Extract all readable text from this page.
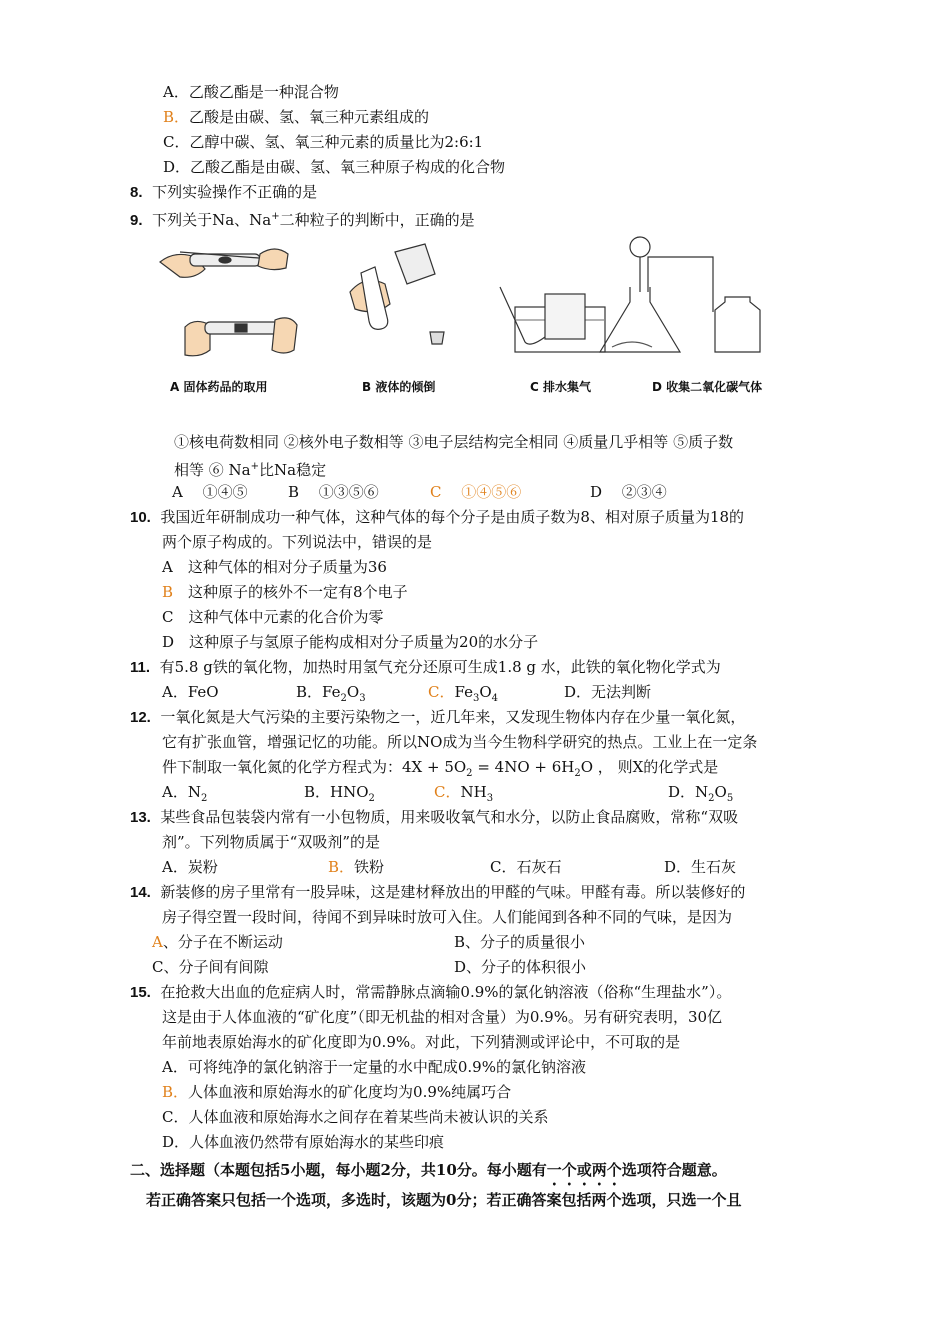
A．乙酸乙酯是一种混合物
B．乙酸是由碳、氢、氧三种元素组成的
C．乙醇中碳、氢、氧三种元素的质量比为2:6:1
D．乙酸乙酯是由碳、氢、氧三种原子构成的化合物
8. 下列实验操作不正确的是
9. 下列关于Na、Na+二种粒子的判断中，正确的是
A 固体药品的取用	B 液体的倾倒	C 排水集气	D 收集二氧化碳气体
①核电荷数相同 ②核外电子数相等 ③电子层结构完全相同 ④质量几乎相等 ⑤质子数
相等 ⑥ Na+比Na稳定
A　 ①④⑤	B　 ①③⑤⑥	C　 ①④⑤⑥	D　 ②③④
10. 我国近年研制成功一种气体，这种气体的每个分子是由质子数为8、相对原子质量为18的
两个原子构成的。下列说法中，错误的是
A　这种气体的相对分子质量为36
B　这种原子的核外不一定有8个电子
C　这种气体中元素的化合价为零
D　这种原子与氢原子能构成相对分子质量为20的水分子
11. 有5.8 g铁的氧化物，加热时用氢气充分还原可生成1.8 g 水，此铁的氧化物化学式为
A．FeO	B．$Fe_2O_3$	C．$Fe_3O_4$	D．无法判断
12. 一氧化氮是大气污染的主要污染物之一，近几年来，又发现生物体内存在少量一氧化氮，
它有扩张血管，增强记忆的功能。所以NO成为当今生物科学研究的热点。工业上在一定条
件下制取一氧化氮的化学方程式为：$4X + 5O_2 = 4NO + 6H_2O$ ， 则X的化学式是
A．$N_2$	B．$HNO_2$	C．$NH_3$	D．$N_2O_5$
13. 某些食品包装袋内常有一小包物质，用来吸收氧气和水分，以防止食品腐败，常称“双吸
剂”。下列物质属于“双吸剂”的是
A．炭粉	B．铁粉	C．石灰石	D．生石灰
14. 新装修的房子里常有一股异味，这是建材释放出的甲醛的气味。甲醛有毒。所以装修好的
房子得空置一段时间，待闻不到异味时放可入住。人们能闻到各种不同的气味，是因为
A、分子在不断运动	B、分子的质量很小
C、分子间有间隙	D、分子的体积很小
15. 在抢救大出血的危症病人时，常需静脉点滴输0.9%的氯化钠溶液（俗称“生理盐水”）。
这是由于人体血液的“矿化度”（即无机盐的相对含量）为0.9%。另有研究表明，30亿
年前地表原始海水的矿化度即为0.9%。对此，下列猜测或评论中，不可取的是
A．可将纯净的氯化钠溶于一定量的水中配成0.9%的氯化钠溶液
B．人体血液和原始海水的矿化度均为0.9%纯属巧合
C．人体血液和原始海水之间存在着某些尚未被认识的关系
D．人体血液仍然带有原始海水的某些印痕
二、选择题（本题包括5小题，每小题2分，共10分。每小题有一个或两个选项符合题意。
若正确答案只包括一个选项，多选时，该题为0分；若正确答案包括两个选项，只选一个且
